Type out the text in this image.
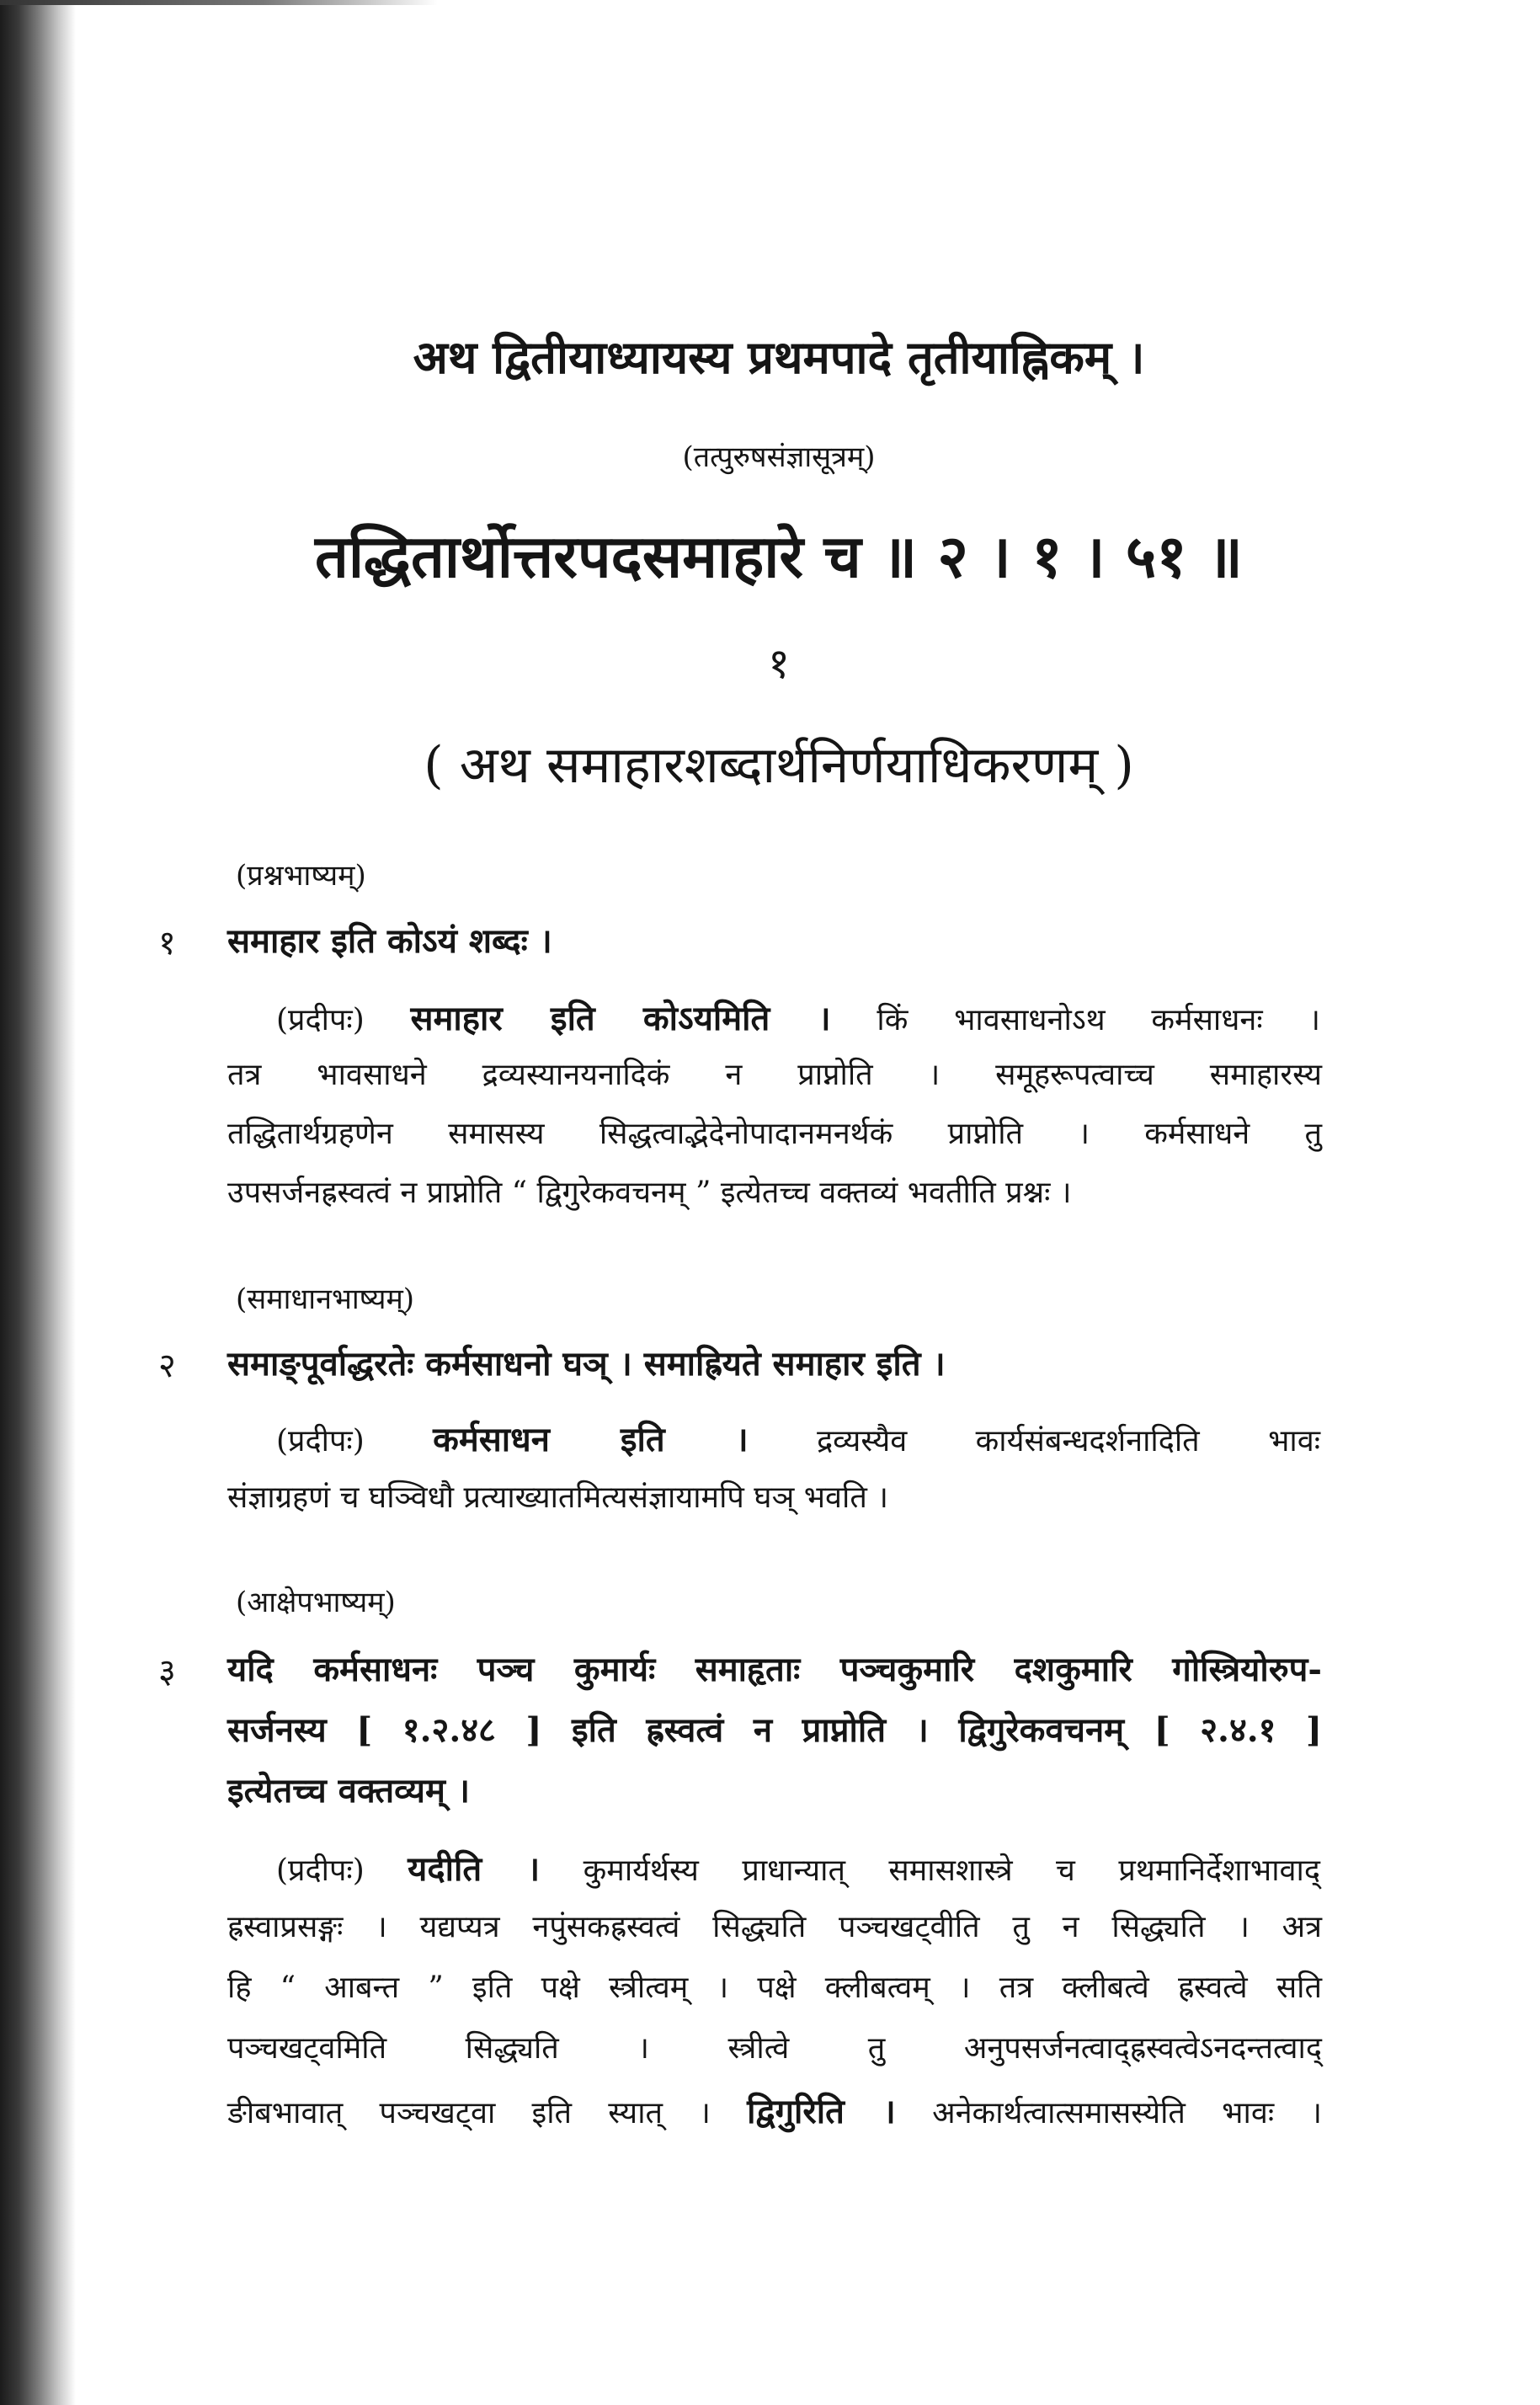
अथ द्वितीयाध्यायस्य प्रथमपादे तृतीयाह्निकम् ।
(तत्पुरुषसंज्ञासूत्रम्)
तद्धितार्थोत्तरपदसमाहारे च ॥ २ । १ । ५१ ॥
१
( अथ समाहारशब्दार्थनिर्णयाधिकरणम् )
(प्रश्नभाष्यम्)
१ समाहार इति कोऽयं शब्दः ।
(प्रदीपः) समाहार इति कोऽयमिति । किं भावसाधनोऽथ कर्मसाधनः ।
तत्र भावसाधने द्रव्यस्यानयनादिकं न प्राप्नोति । समूहरूपत्वाच्च समाहारस्य
तद्धितार्थग्रहणेन समासस्य सिद्धत्वाद्भेदेनोपादानमनर्थकं प्राप्नोति । कर्मसाधने तु
उपसर्जनह्रस्वत्वं न प्राप्नोति “ द्विगुरेकवचनम् ” इत्येतच्च वक्तव्यं भवतीति प्रश्नः ।
(समाधानभाष्यम्)
२ समाङ्पूर्वाद्धरतेः कर्मसाधनो घञ् । समाह्रियते समाहार इति ।
(प्रदीपः) कर्मसाधन इति । द्रव्यस्यैव कार्यसंबन्धदर्शनादिति भावः
संज्ञाग्रहणं च घञ्विधौ प्रत्याख्यातमित्यसंज्ञायामपि घञ् भवति ।
(आक्षेपभाष्यम्)
३ यदि कर्मसाधनः पञ्च कुमार्यः समाहृताः पञ्चकुमारि दशकुमारि गोस्त्रियोरुप-
सर्जनस्य [ १.२.४८ ] इति ह्रस्वत्वं न प्राप्नोति । द्विगुरेकवचनम् [ २.४.१ ]
इत्येतच्च वक्तव्यम् ।
(प्रदीपः) यदीति । कुमार्यर्थस्य प्राधान्यात् समासशास्त्रे च प्रथमानिर्देशाभावाद्
ह्रस्वाप्रसङ्गः । यद्यप्यत्र नपुंसकह्रस्वत्वं सिद्ध्यति पञ्चखट्वीति तु न सिद्ध्यति । अत्र
हि “ आबन्त ” इति पक्षे स्त्रीत्वम् । पक्षे क्लीबत्वम् । तत्र क्लीबत्वे ह्रस्वत्वे सति
पञ्चखट्वमिति सिद्ध्यति । स्त्रीत्वे तु अनुपसर्जनत्वाद्ह्रस्वत्वेऽनदन्तत्वाद्
ङीबभावात् पञ्चखट्वा इति स्यात् । द्विगुरिति । अनेकार्थत्वात्समासस्येति भावः ।
